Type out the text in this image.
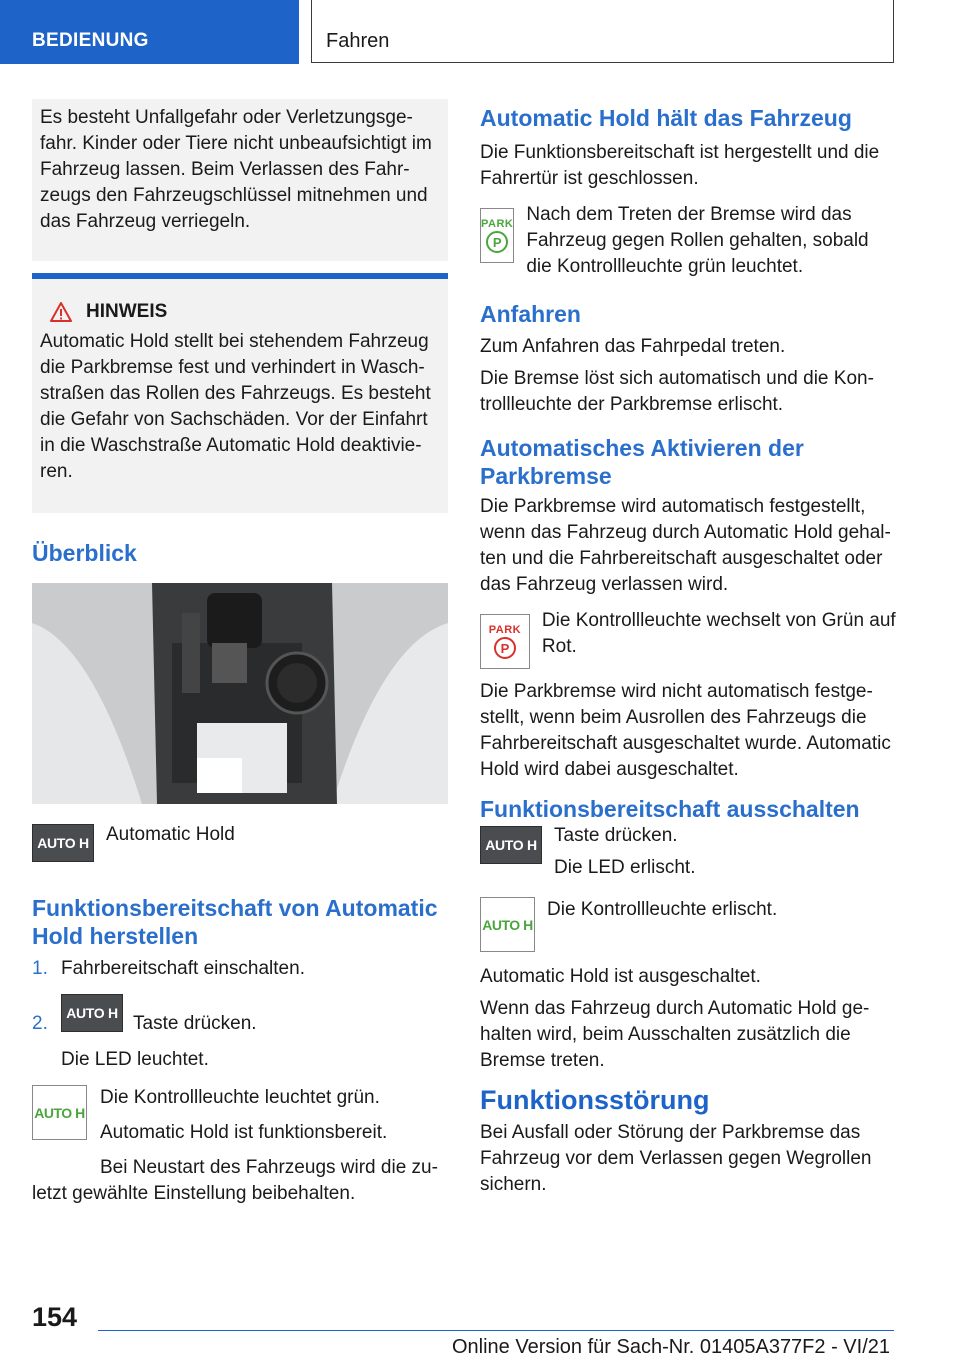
BEDIENUNG	Fahren

Es besteht Unfallgefahr oder Verletzungsge-fahr. Kinder oder Tiere nicht unbeaufsichtigt im Fahrzeug lassen. Beim Verlassen des Fahr-zeugs den Fahrzeugschlüssel mitnehmen und das Fahrzeug verriegeln.

HINWEIS

Automatic Hold stellt bei stehendem Fahrzeug die Parkbremse fest und verhindert in Wasch-straßen das Rollen des Fahrzeugs. Es besteht die Gefahr von Sachschäden. Vor der Einfahrt in die Waschstraße Automatic Hold deaktivie-ren.

Überblick
AUTO H Automatic Hold

Funktionsbereitschaft von Automatic Hold herstellen

1. Fahrbereitschaft einschalten.

2.	AUTO H Taste drücken.

Die LED leuchtet.

AUTO H

Die Kontrollleuchte leuchtet grün.

Automatic Hold ist funktionsbereit.

Bei Neustart des Fahrzeugs wird die zu-

letzt gewählte Einstellung beibehalten.

Automatic Hold hält das Fahrzeug

Die Funktionsbereitschaft ist hergestellt und die Fahrertür ist geschlossen.

PARK
P

Nach dem Treten der Bremse wird das Fahrzeug gegen Rollen gehalten, sobald die Kontrollleuchte grün leuchtet.

Anfahren

Zum Anfahren das Fahrpedal treten.

Die Bremse löst sich automatisch und die Kon-trollleuchte der Parkbremse erlischt.

Automatisches Aktivieren der Parkbremse

Die Parkbremse wird automatisch festgestellt, wenn das Fahrzeug durch Automatic Hold gehal-ten und die Fahrbereitschaft ausgeschaltet oder das Fahrzeug verlassen wird.

PARK
P

Die Kontrollleuchte wechselt von Grün auf Rot.

Die Parkbremse wird nicht automatisch festge-stellt, wenn beim Ausrollen des Fahrzeugs die Fahrbereitschaft ausgeschaltet wurde. Automatic Hold wird dabei ausgeschaltet.

Funktionsbereitschaft ausschalten
AUTO H Taste drücken.

Die LED erlischt.

AUTO H

Die Kontrollleuchte erlischt.

Automatic Hold ist ausgeschaltet.

Wenn das Fahrzeug durch Automatic Hold ge-halten wird, beim Ausschalten zusätzlich die Bremse treten.

Funktionsstörung

Bei Ausfall oder Störung der Parkbremse das Fahrzeug vor dem Verlassen gegen Wegrollen sichern.

154
Online Version für Sach-Nr. 01405A377F2 - VI/21
